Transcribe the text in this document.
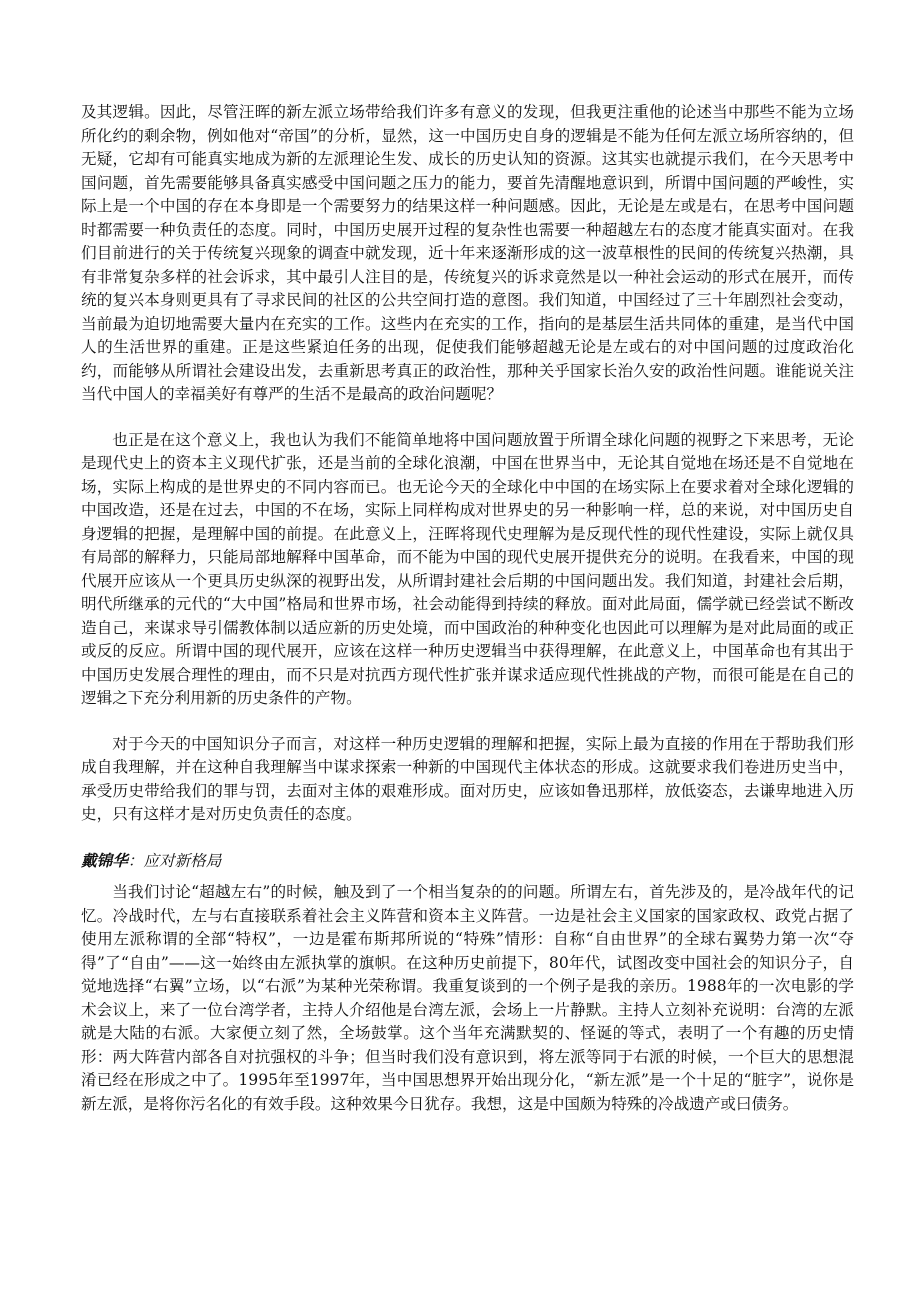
及其逻辑。因此，尽管汪晖的新左派立场带给我们许多有意义的发现，但我更注重他的论述当中那些不能为立场所化约的剩余物，例如他对“帝国”的分析，显然，这一中国历史自身的逻辑是不能为任何左派立场所容纳的，但无疑，它却有可能真实地成为新的左派理论生发、成长的历史认知的资源。这其实也就提示我们，在今天思考中国问题，首先需要能够具备真实感受中国问题之压力的能力，要首先清醒地意识到，所谓中国问题的严峻性，实际上是一个中国的存在本身即是一个需要努力的结果这样一种问题感。因此，无论是左或是右，在思考中国问题时都需要一种负责任的态度。同时，中国历史展开过程的复杂性也需要一种超越左右的态度才能真实面对。在我们目前进行的关于传统复兴现象的调查中就发现，近十年来逐渐形成的这一波草根性的民间的传统复兴热潮，具有非常复杂多样的社会诉求，其中最引人注目的是，传统复兴的诉求竟然是以一种社会运动的形式在展开，而传统的复兴本身则更具有了寻求民间的社区的公共空间打造的意图。我们知道，中国经过了三十年剧烈社会变动，当前最为迫切地需要大量内在充实的工作。这些内在充实的工作，指向的是基层生活共同体的重建，是当代中国人的生活世界的重建。正是这些紧迫任务的出现，促使我们能够超越无论是左或右的对中国问题的过度政治化约，而能够从所谓社会建设出发，去重新思考真正的政治性，那种关乎国家长治久安的政治性问题。谁能说关注当代中国人的幸福美好有尊严的生活不是最高的政治问题呢？

也正是在这个意义上，我也认为我们不能简单地将中国问题放置于所谓全球化问题的视野之下来思考，无论是现代史上的资本主义现代扩张，还是当前的全球化浪潮，中国在世界当中，无论其自觉地在场还是不自觉地在场，实际上构成的是世界史的不同内容而已。也无论今天的全球化中中国的在场实际上在要求着对全球化逻辑的中国改造，还是在过去，中国的不在场，实际上同样构成对世界史的另一种影响一样，总的来说，对中国历史自身逻辑的把握，是理解中国的前提。在此意义上，汪晖将现代史理解为是反现代性的现代性建设，实际上就仅具有局部的解释力，只能局部地解释中国革命，而不能为中国的现代史展开提供充分的说明。在我看来，中国的现代展开应该从一个更具历史纵深的视野出发，从所谓封建社会后期的中国问题出发。我们知道，封建社会后期，明代所继承的元代的“大中国”格局和世界市场，社会动能得到持续的释放。面对此局面，儒学就已经尝试不断改造自己，来谋求导引儒教体制以适应新的历史处境，而中国政治的种种变化也因此可以理解为是对此局面的或正或反的反应。所谓中国的现代展开，应该在这样一种历史逻辑当中获得理解，在此意义上，中国革命也有其出于中国历史发展合理性的理由，而不只是对抗西方现代性扩张并谋求适应现代性挑战的产物，而很可能是在自己的逻辑之下充分利用新的历史条件的产物。

对于今天的中国知识分子而言，对这样一种历史逻辑的理解和把握，实际上最为直接的作用在于帮助我们形成自我理解，并在这种自我理解当中谋求探索一种新的中国现代主体状态的形成。这就要求我们卷进历史当中，承受历史带给我们的罪与罚，去面对主体的艰难形成。面对历史，应该如鲁迅那样，放低姿态，去谦卑地进入历史，只有这样才是对历史负责任的态度。

戴锦华：应对新格局

当我们讨论“超越左右”的时候，触及到了一个相当复杂的的问题。所谓左右，首先涉及的，是冷战年代的记忆。冷战时代，左与右直接联系着社会主义阵营和资本主义阵营。一边是社会主义国家的国家政权、政党占据了使用左派称谓的全部“特权”，一边是霍布斯邦所说的“特殊”情形：自称“自由世界”的全球右翼势力第一次“夺得”了“自由”——这一始终由左派执掌的旗帜。在这种历史前提下，80年代，试图改变中国社会的知识分子，自觉地选择“右翼”立场，以“右派”为某种光荣称谓。我重复谈到的一个例子是我的亲历。1988年的一次电影的学术会议上，来了一位台湾学者，主持人介绍他是台湾左派，会场上一片静默。主持人立刻补充说明：台湾的左派就是大陆的右派。大家便立刻了然，全场鼓掌。这个当年充满默契的、怪诞的等式，表明了一个有趣的历史情形：两大阵营内部各自对抗强权的斗争；但当时我们没有意识到，将左派等同于右派的时候，一个巨大的思想混淆已经在形成之中了。1995年至1997年，当中国思想界开始出现分化，“新左派”是一个十足的“脏字”，说你是新左派，是将你污名化的有效手段。这种效果今日犹存。我想，这是中国颇为特殊的冷战遗产或曰债务。
